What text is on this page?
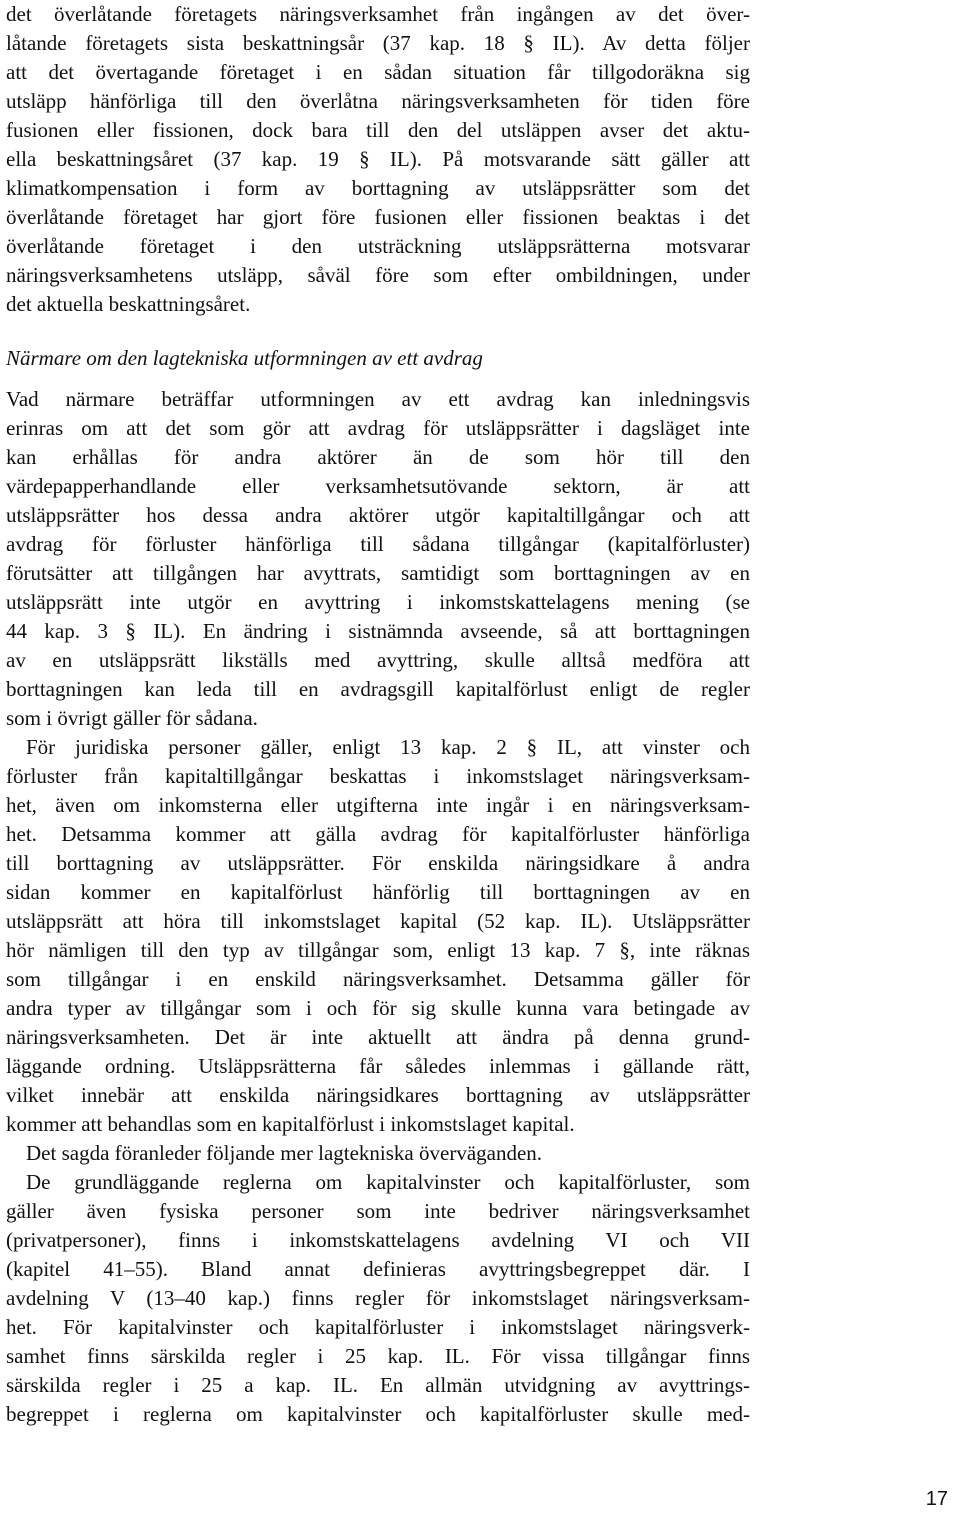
det överlåtande företagets näringsverksamhet från ingången av det över-
låtande företagets sista beskattningsår (37 kap. 18 § IL). Av detta följer
att det övertagande företaget i en sådan situation får tillgodoräkna sig
utsläpp hänförliga till den överlåtna näringsverksamheten för tiden före
fusionen eller fissionen, dock bara till den del utsläppen avser det aktu-
ella beskattningsåret (37 kap. 19 § IL). På motsvarande sätt gäller att
klimatkompensation i form av borttagning av utsläppsrätter som det
överlåtande företaget har gjort före fusionen eller fissionen beaktas i det
överlåtande företaget i den utsträckning utsläppsrätterna motsvarar
näringsverksamhetens utsläpp, såväl före som efter ombildningen, under
det aktuella beskattningsåret.
Närmare om den lagtekniska utformningen av ett avdrag
Vad närmare beträffar utformningen av ett avdrag kan inledningsvis
erinras om att det som gör att avdrag för utsläppsrätter i dagsläget inte
kan erhållas för andra aktörer än de som hör till den
värdepapperhandlande eller verksamhetsutövande sektorn, är att
utsläppsrätter hos dessa andra aktörer utgör kapitaltillgångar och att
avdrag för förluster hänförliga till sådana tillgångar (kapitalförluster)
förutsätter att tillgången har avyttrats, samtidigt som borttagningen av en
utsläppsrätt inte utgör en avyttring i inkomstskattelagens mening (se
44 kap. 3 § IL). En ändring i sistnämnda avseende, så att borttagningen
av en utsläppsrätt likställs med avyttring, skulle alltså medföra att
borttagningen kan leda till en avdragsgill kapitalförlust enligt de regler
som i övrigt gäller för sådana.
För juridiska personer gäller, enligt 13 kap. 2 § IL, att vinster och
förluster från kapitaltillgångar beskattas i inkomstslaget näringsverksam-
het, även om inkomsterna eller utgifterna inte ingår i en näringsverksam-
het. Detsamma kommer att gälla avdrag för kapitalförluster hänförliga
till borttagning av utsläppsrätter. För enskilda näringsidkare å andra
sidan kommer en kapitalförlust hänförlig till borttagningen av en
utsläppsrätt att höra till inkomstslaget kapital (52 kap. IL). Utsläppsrätter
hör nämligen till den typ av tillgångar som, enligt 13 kap. 7 §, inte räknas
som tillgångar i en enskild näringsverksamhet. Detsamma gäller för
andra typer av tillgångar som i och för sig skulle kunna vara betingade av
näringsverksamheten. Det är inte aktuellt att ändra på denna grund-
läggande ordning. Utsläppsrätterna får således inlemmas i gällande rätt,
vilket innebär att enskilda näringsidkares borttagning av utsläppsrätter
kommer att behandlas som en kapitalförlust i inkomstslaget kapital.
Det sagda föranleder följande mer lagtekniska överväganden.
De grundläggande reglerna om kapitalvinster och kapitalförluster, som
gäller även fysiska personer som inte bedriver näringsverksamhet
(privatpersoner), finns i inkomstskattelagens avdelning VI och VII
(kapitel 41–55). Bland annat definieras avyttringsbegreppet där. I
avdelning V (13–40 kap.) finns regler för inkomstslaget näringsverksam-
het. För kapitalvinster och kapitalförluster i inkomstslaget näringsverk-
samhet finns särskilda regler i 25 kap. IL. För vissa tillgångar finns
särskilda regler i 25 a kap. IL. En allmän utvidgning av avyttrings-
begreppet i reglerna om kapitalvinster och kapitalförluster skulle med-
17
